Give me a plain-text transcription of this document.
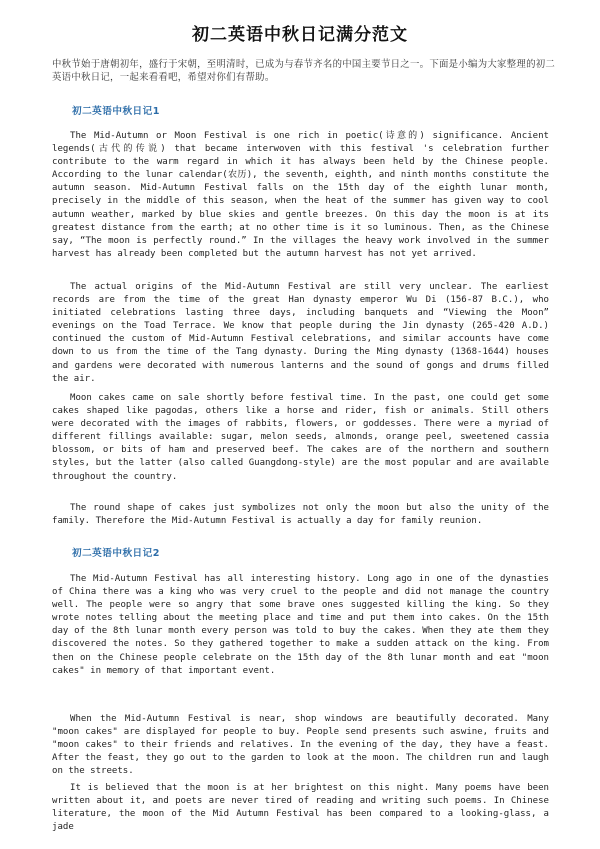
初二英语中秋日记满分范文

中秋节始于唐朝初年，盛行于宋朝，至明清时，已成为与春节齐名的中国主要节日之一。下面是小编为大家整理的初二英语中秋日记，一起来看看吧，希望对你们有帮助。

初二英语中秋日记1

The Mid-Autumn or Moon Festival is one rich in poetic(诗意的) significance. Ancient legends(古代的传说) that became interwoven with this festival 's celebration further contribute to the warm regard in which it has always been held by the Chinese people. According to the lunar calendar(农历), the seventh, eighth, and ninth months constitute the autumn season. Mid-Autumn Festival falls on the 15th day of the eighth lunar month, precisely in the middle of this season, when the heat of the summer has given way to cool autumn weather, marked by blue skies and gentle breezes. On this day the moon is at its greatest distance from the earth; at no other time is it so luminous. Then, as the Chinese say, “The moon is perfectly round.” In the villages the heavy work involved in the summer harvest has already been completed but the autumn harvest has not yet arrived.

The actual origins of the Mid-Autumn Festival are still very unclear. The earliest records are from the time of the great Han dynasty emperor Wu Di (156-87 B.C.), who initiated celebrations lasting three days, including banquets and “Viewing the Moon” evenings on the Toad Terrace. We know that people during the Jin dynasty (265-420 A.D.) continued the custom of Mid-Autumn Festival celebrations, and similar accounts have come down to us from the time of the Tang dynasty. During the Ming dynasty (1368-1644) houses and gardens were decorated with numerous lanterns and the sound of gongs and drums filled the air.

Moon cakes came on sale shortly before festival time. In the past, one could get some cakes shaped like pagodas, others like a horse and rider, fish or animals. Still others were decorated with the images of rabbits, flowers, or goddesses. There were a myriad of different fillings available: sugar, melon seeds, almonds, orange peel, sweetened cassia blossom, or bits of ham and preserved beef. The cakes are of the northern and southern styles, but the latter (also called Guangdong-style) are the most popular and are available throughout the country.

The round shape of cakes just symbolizes not only the moon but also the unity of the family. Therefore the Mid-Autumn Festival is actually a day for family reunion.

初二英语中秋日记2

The Mid-Autumn Festival has all interesting history. Long ago in one of the dynasties of China there was a king who was very cruel to the people and did not manage the country well. The people were so angry that some brave ones suggested killing the king. So they wrote notes telling about the meeting place and time and put them into cakes. On the 15th day of the 8th lunar month every person was told to buy the cakes. When they ate them they discovered the notes. So they gathered together to make a sudden attack on the king. From then on the Chinese people celebrate on the 15th day of the 8th lunar month and eat "moon cakes" in memory of that important event.

When the Mid-Autumn Festival is near, shop windows are beautifully decorated. Many "moon cakes" are displayed for people to buy. People send presents such aswine, fruits and "moon cakes" to their friends and relatives. In the evening of the day, they have a feast. After the feast, they go out to the garden to look at the moon. The children run and laugh on the streets.

It is believed that the moon is at her brightest on this night. Many poems have been written about it, and poets are never tired of reading and writing such poems. In Chinese literature, the moon of the Mid Autumn Festival has been compared to a looking-glass, a jade
